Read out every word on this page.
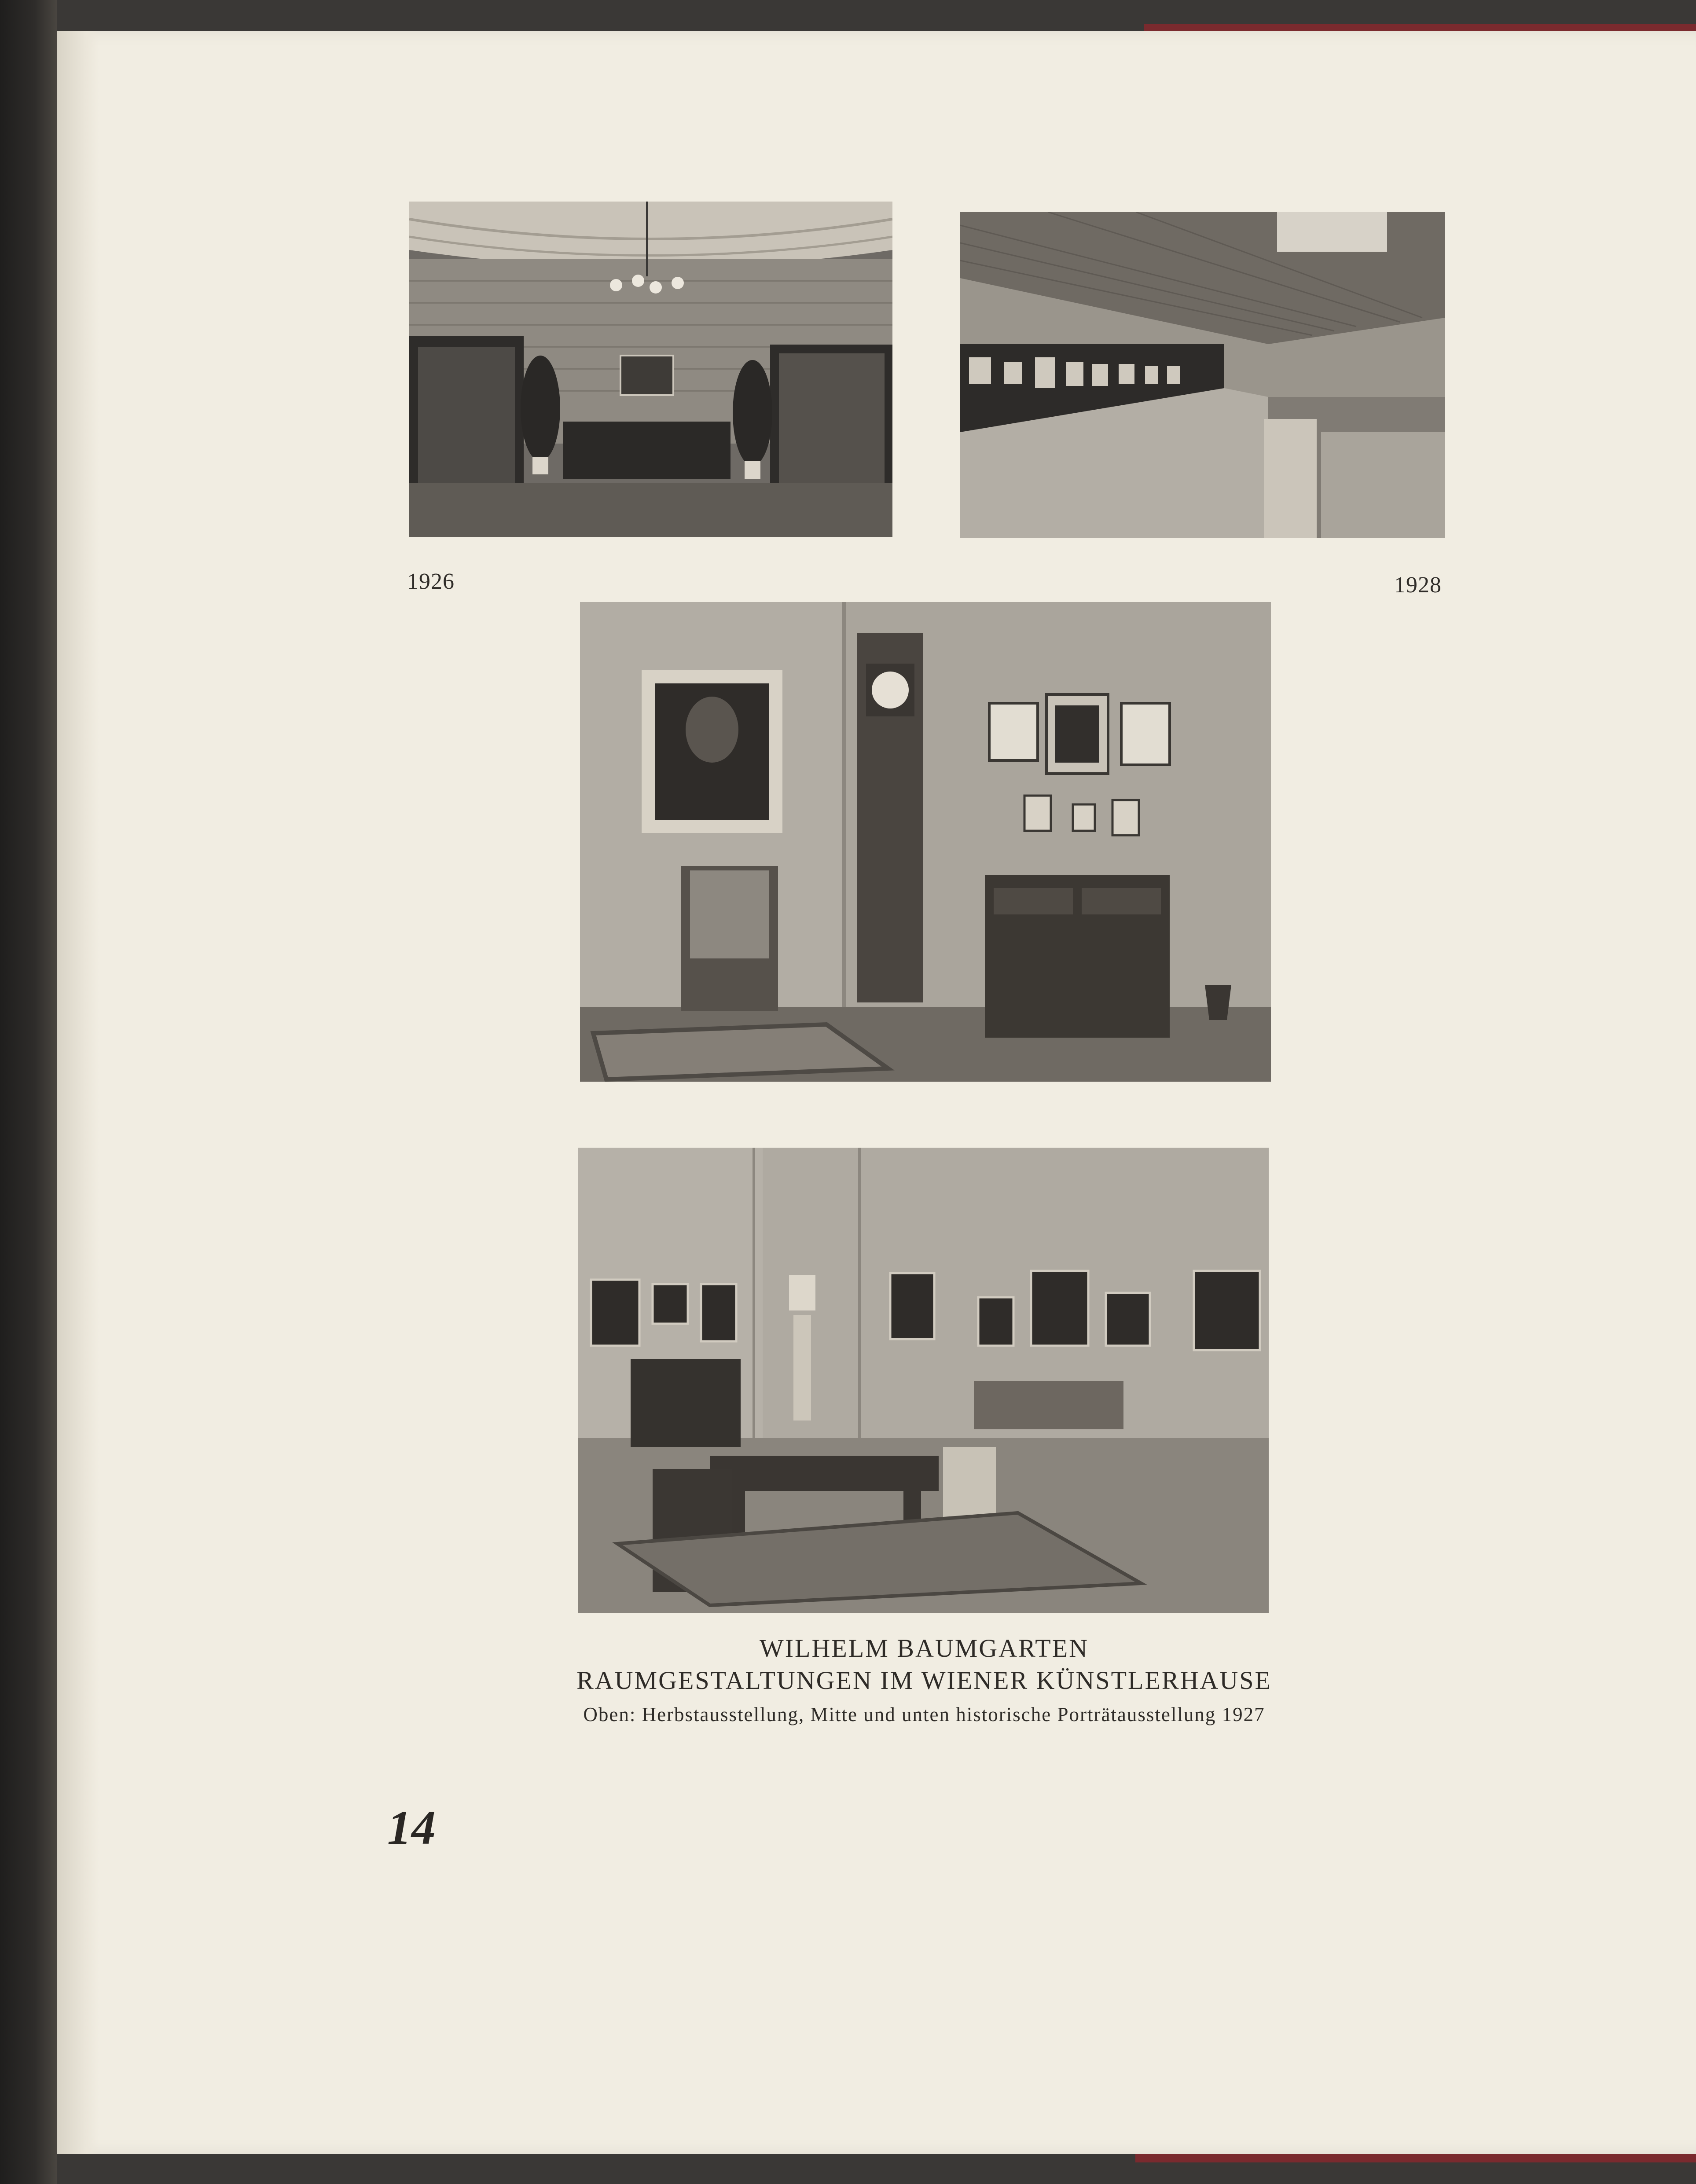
1926	1928
WILHELM BAUMGARTEN
RAUMGESTALTUNGEN IM WIENER KÜNSTLERHAUSE
Oben: Herbstausstellung, Mitte und unten historische Porträtausstellung 1927
14
